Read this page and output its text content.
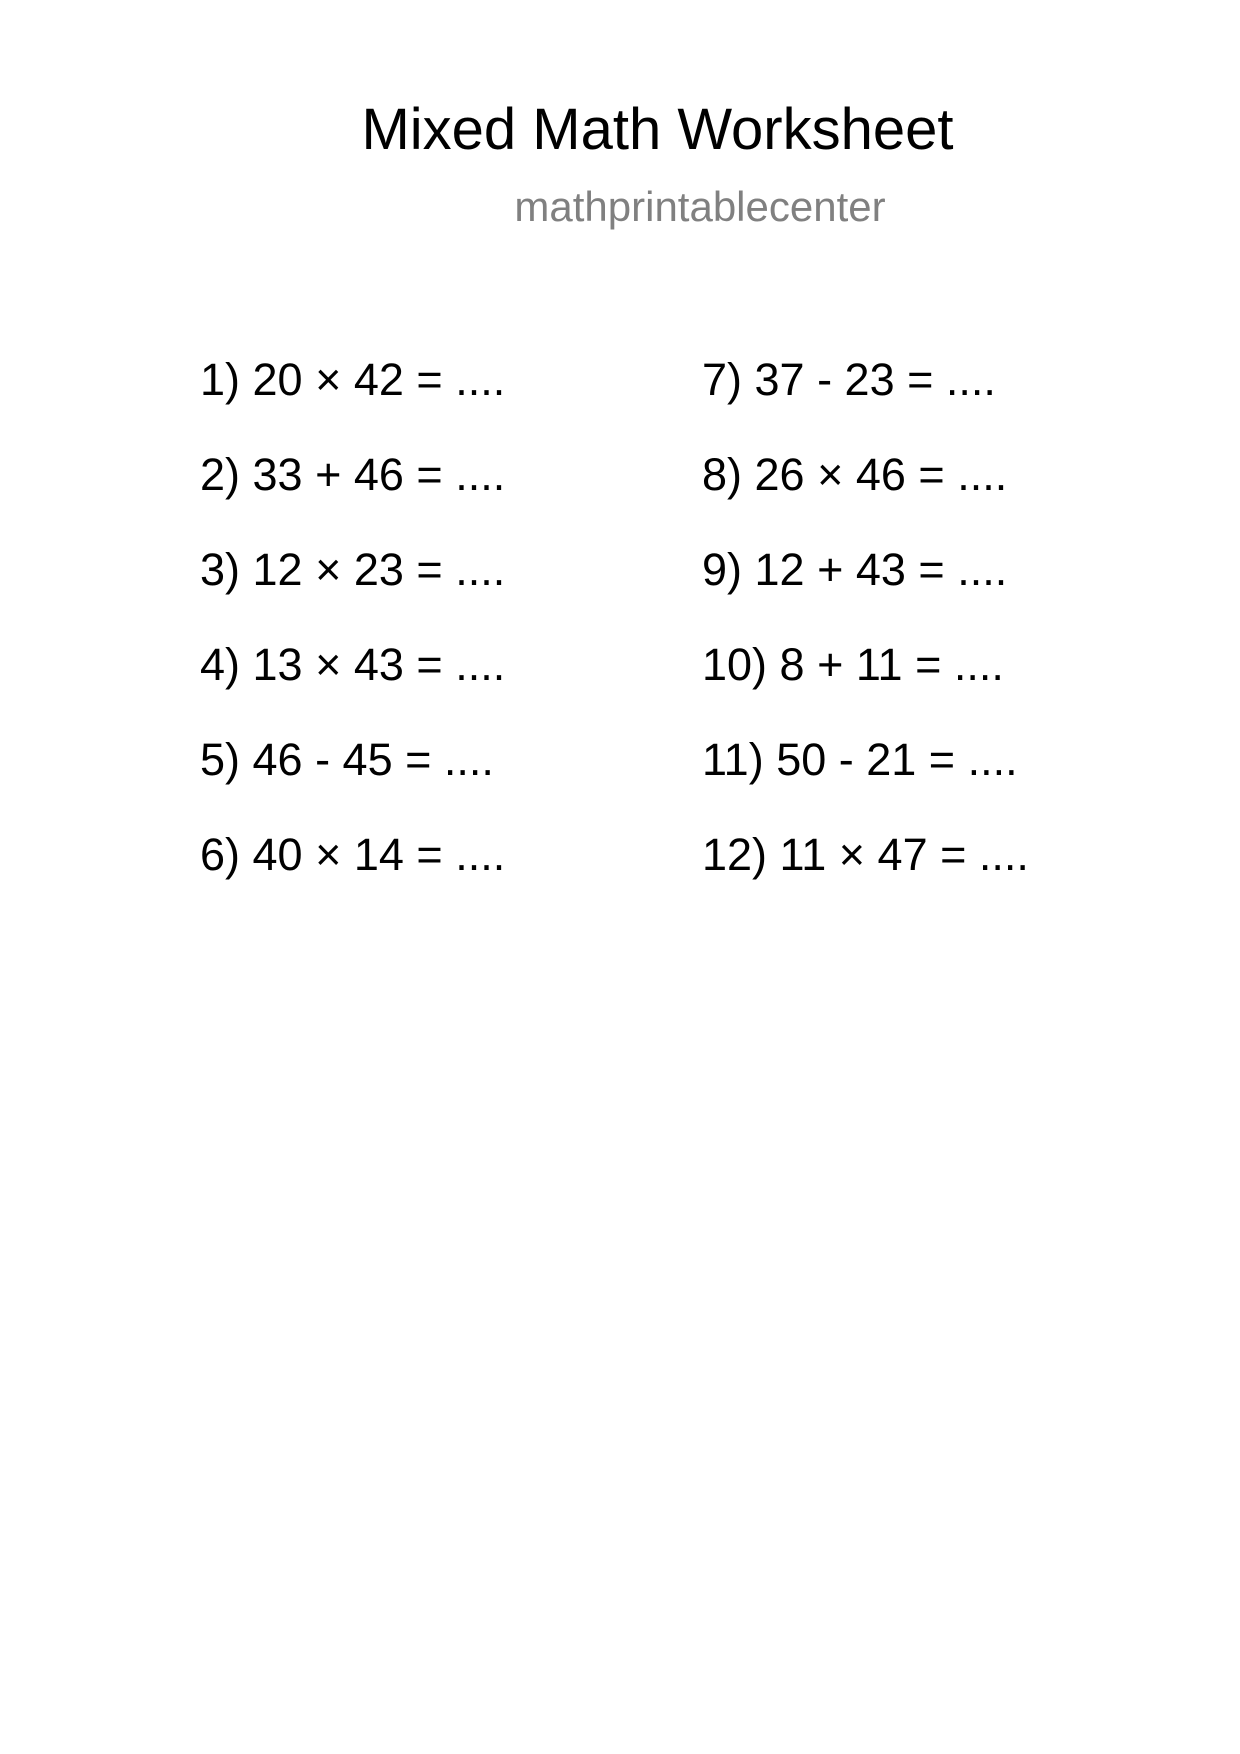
Mixed Math Worksheet
mathprintablecenter
1) 20 × 42 = ....
2) 33 + 46 = ....
3) 12 × 23 = ....
4) 13 × 43 = ....
5) 46 - 45 = ....
6) 40 × 14 = ....
7) 37 - 23 = ....
8) 26 × 46 = ....
9) 12 + 43 = ....
10) 8 + 11 = ....
11) 50 - 21 = ....
12) 11 × 47 = ....
